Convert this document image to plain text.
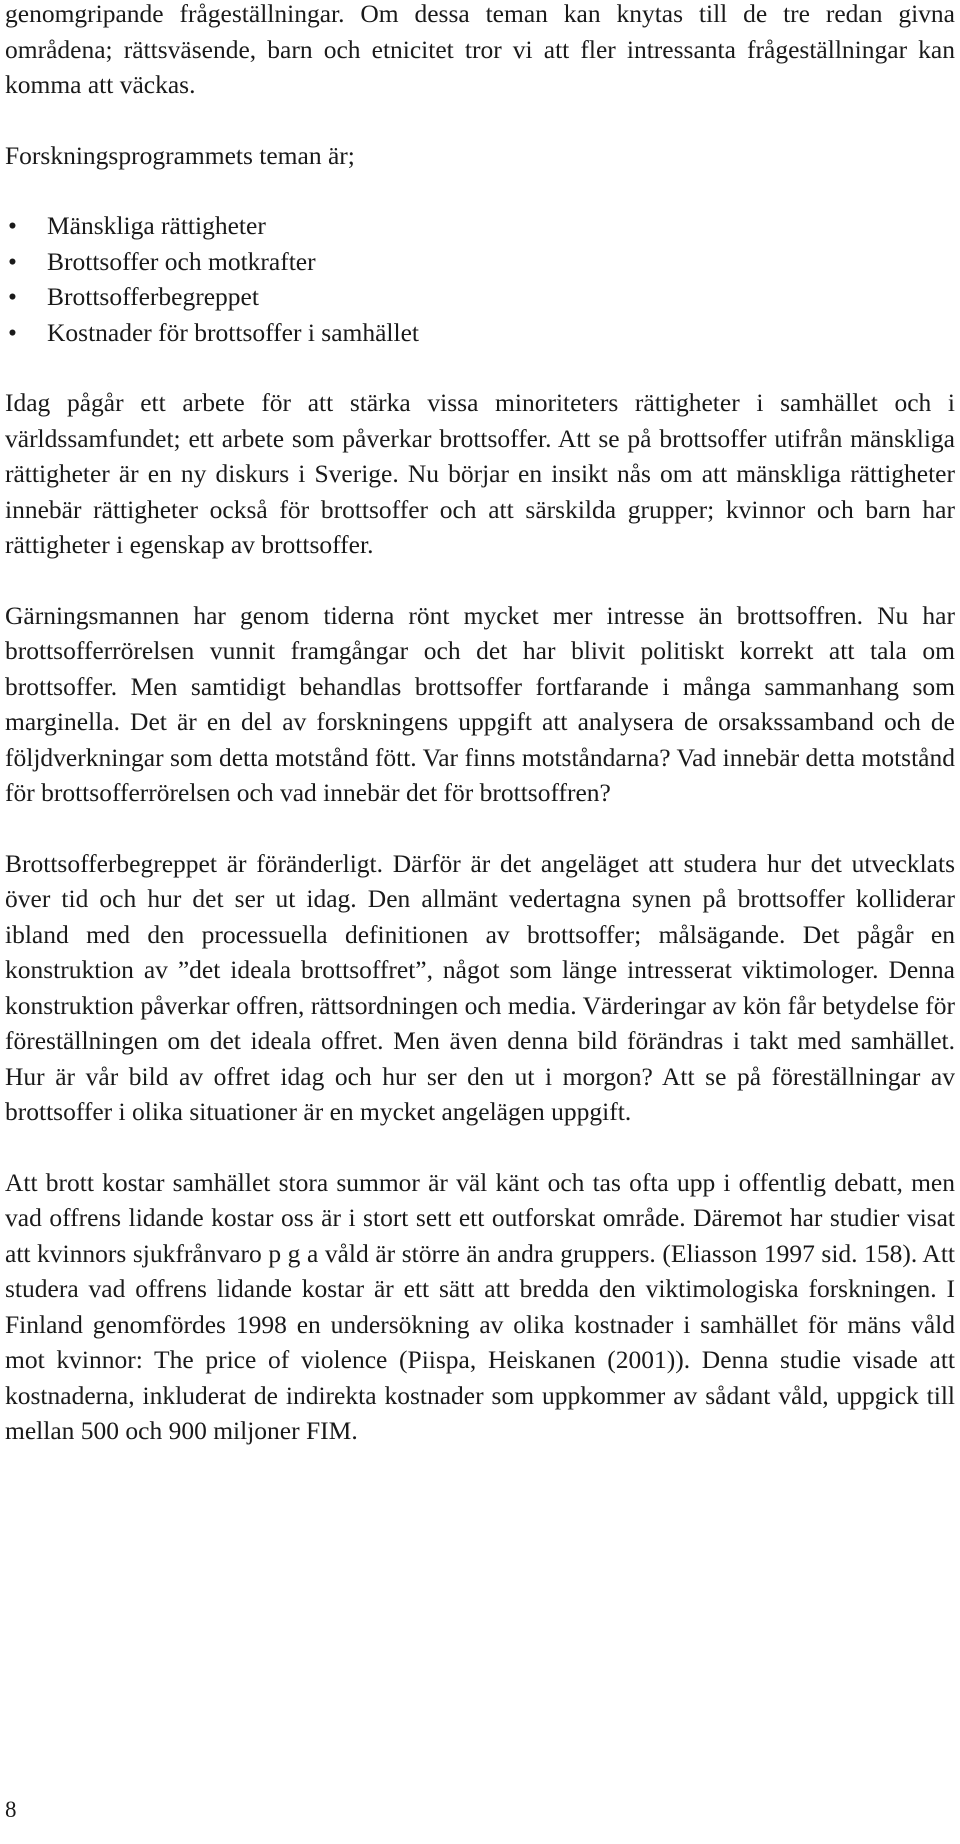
genomgripande frågeställningar. Om dessa teman kan knytas till de tre redan givna områdena; rättsväsende, barn och etnicitet tror vi att fler intressanta frågeställningar kan komma att väckas.

Forskningsprogrammets teman är;

• Mänskliga rättigheter
• Brottsoffer och motkrafter
• Brottsofferbegreppet
• Kostnader för brottsoffer i samhället

Idag pågår ett arbete för att stärka vissa minoriteters rättigheter i samhället och i världssamfundet; ett arbete som påverkar brottsoffer. Att se på brottsoffer utifrån mänskliga rättigheter är en ny diskurs i Sverige. Nu börjar en insikt nås om att mänskliga rättigheter innebär rättigheter också för brottsoffer och att särskilda grupper; kvinnor och barn har rättigheter i egenskap av brottsoffer.

Gärningsmannen har genom tiderna rönt mycket mer intresse än brottsoffren. Nu har brottsofferrörelsen vunnit framgångar och det har blivit politiskt korrekt att tala om brottsoffer. Men samtidigt behandlas brottsoffer fortfarande i många sammanhang som marginella. Det är en del av forskningens uppgift att analysera de orsakssamband och de följdverkningar som detta motstånd fött. Var finns motståndarna? Vad innebär detta motstånd för brottsofferrörelsen och vad innebär det för brottsoffren?

Brottsofferbegreppet är föränderligt. Därför är det angeläget att studera hur det utvecklats över tid och hur det ser ut idag. Den allmänt vedertagna synen på brottsoffer kolliderar ibland med den processuella definitionen av brottsoffer; målsägande. Det pågår en konstruktion av ”det ideala brottsoffret”, något som länge intresserat viktimologer. Denna konstruktion påverkar offren, rättsordningen och media. Värderingar av kön får betydelse för föreställningen om det ideala offret. Men även denna bild förändras i takt med samhället. Hur är vår bild av offret idag och hur ser den ut i morgon? Att se på föreställningar av brottsoffer i olika situationer är en mycket angelägen uppgift.

Att brott kostar samhället stora summor är väl känt och tas ofta upp i offentlig debatt, men vad offrens lidande kostar oss är i stort sett ett outforskat område. Däremot har studier visat att kvinnors sjukfrånvaro p g a våld är större än andra gruppers. (Eliasson 1997 sid. 158). Att studera vad offrens lidande kostar är ett sätt att bredda den viktimologiska forskningen. I Finland genomfördes 1998 en undersökning av olika kostnader i samhället för mäns våld mot kvinnor: The price of violence (Piispa, Heiskanen (2001)). Denna studie visade att kostnaderna, inkluderat de indirekta kostnader som uppkommer av sådant våld, uppgick till mellan 500 och 900 miljoner FIM.

8
